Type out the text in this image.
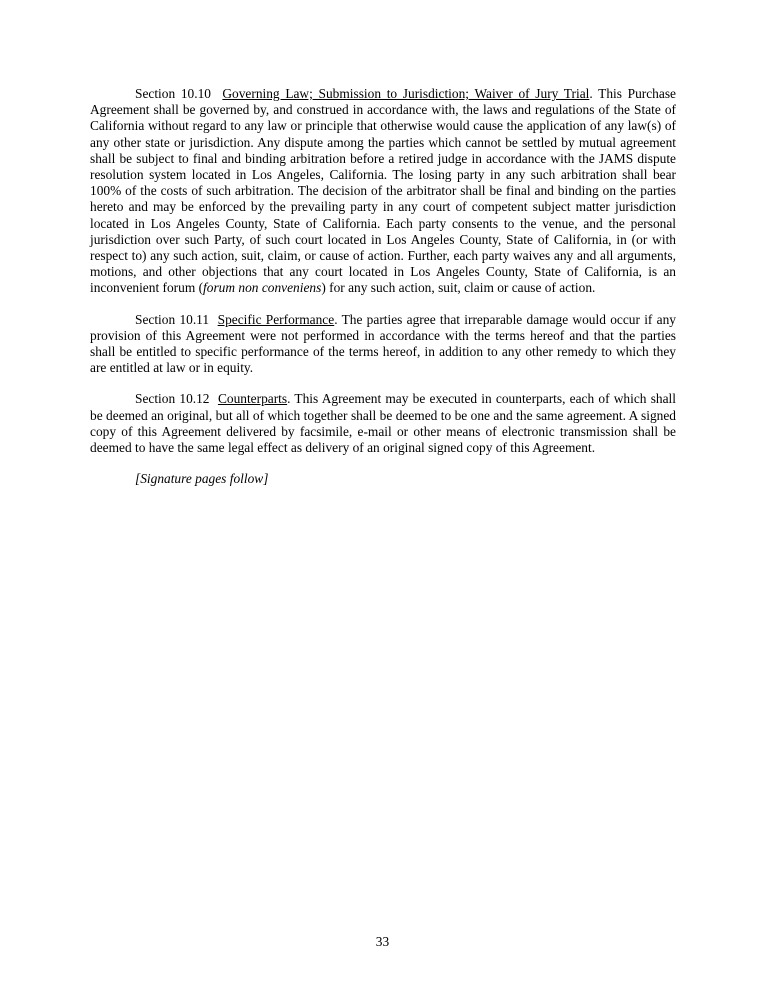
Section 10.10 Governing Law; Submission to Jurisdiction; Waiver of Jury Trial. This Purchase Agreement shall be governed by, and construed in accordance with, the laws and regulations of the State of California without regard to any law or principle that otherwise would cause the application of any law(s) of any other state or jurisdiction. Any dispute among the parties which cannot be settled by mutual agreement shall be subject to final and binding arbitration before a retired judge in accordance with the JAMS dispute resolution system located in Los Angeles, California. The losing party in any such arbitration shall bear 100% of the costs of such arbitration. The decision of the arbitrator shall be final and binding on the parties hereto and may be enforced by the prevailing party in any court of competent subject matter jurisdiction located in Los Angeles County, State of California. Each party consents to the venue, and the personal jurisdiction over such Party, of such court located in Los Angeles County, State of California, in (or with respect to) any such action, suit, claim, or cause of action. Further, each party waives any and all arguments, motions, and other objections that any court located in Los Angeles County, State of California, is an inconvenient forum (forum non conveniens) for any such action, suit, claim or cause of action.

Section 10.11 Specific Performance. The parties agree that irreparable damage would occur if any provision of this Agreement were not performed in accordance with the terms hereof and that the parties shall be entitled to specific performance of the terms hereof, in addition to any other remedy to which they are entitled at law or in equity.

Section 10.12 Counterparts. This Agreement may be executed in counterparts, each of which shall be deemed an original, but all of which together shall be deemed to be one and the same agreement. A signed copy of this Agreement delivered by facsimile, e-mail or other means of electronic transmission shall be deemed to have the same legal effect as delivery of an original signed copy of this Agreement.

[Signature pages follow]

33
